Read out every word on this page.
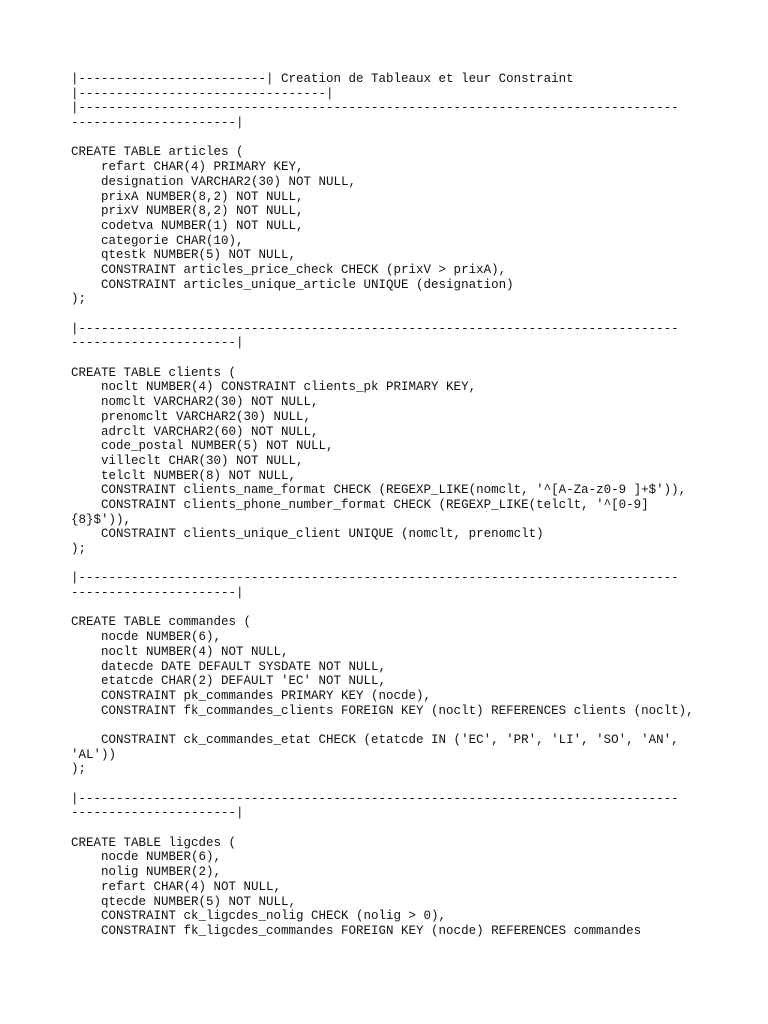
|-------------------------| Creation de Tableaux et leur Constraint
|---------------------------------|
|--------------------------------------------------------------------------------
----------------------|
CREATE TABLE articles (
refart CHAR(4) PRIMARY KEY,
designation VARCHAR2(30) NOT NULL,
prixA NUMBER(8,2) NOT NULL,
prixV NUMBER(8,2) NOT NULL,
codetva NUMBER(1) NOT NULL,
categorie CHAR(10),
qtestk NUMBER(5) NOT NULL,
CONSTRAINT articles_price_check CHECK (prixV > prixA),
CONSTRAINT articles_unique_article UNIQUE (designation)
);
|--------------------------------------------------------------------------------
----------------------|
CREATE TABLE clients (
noclt NUMBER(4) CONSTRAINT clients_pk PRIMARY KEY,
nomclt VARCHAR2(30) NOT NULL,
prenomclt VARCHAR2(30) NULL,
adrclt VARCHAR2(60) NOT NULL,
code_postal NUMBER(5) NOT NULL,
villeclt CHAR(30) NOT NULL,
telclt NUMBER(8) NOT NULL,
CONSTRAINT clients_name_format CHECK (REGEXP_LIKE(nomclt, '^[A-Za-z0-9 ]+$')),
CONSTRAINT clients_phone_number_format CHECK (REGEXP_LIKE(telclt, '^[0-9]
{8}$')),
CONSTRAINT clients_unique_client UNIQUE (nomclt, prenomclt)
);
|--------------------------------------------------------------------------------
----------------------|
CREATE TABLE commandes (
nocde NUMBER(6),
noclt NUMBER(4) NOT NULL,
datecde DATE DEFAULT SYSDATE NOT NULL,
etatcde CHAR(2) DEFAULT 'EC' NOT NULL,
CONSTRAINT pk_commandes PRIMARY KEY (nocde),
CONSTRAINT fk_commandes_clients FOREIGN KEY (noclt) REFERENCES clients (noclt),
CONSTRAINT ck_commandes_etat CHECK (etatcde IN ('EC', 'PR', 'LI', 'SO', 'AN',
'AL'))
);
|--------------------------------------------------------------------------------
----------------------|
CREATE TABLE ligcdes (
nocde NUMBER(6),
nolig NUMBER(2),
refart CHAR(4) NOT NULL,
qtecde NUMBER(5) NOT NULL,
CONSTRAINT ck_ligcdes_nolig CHECK (nolig > 0),
CONSTRAINT fk_ligcdes_commandes FOREIGN KEY (nocde) REFERENCES commandes
